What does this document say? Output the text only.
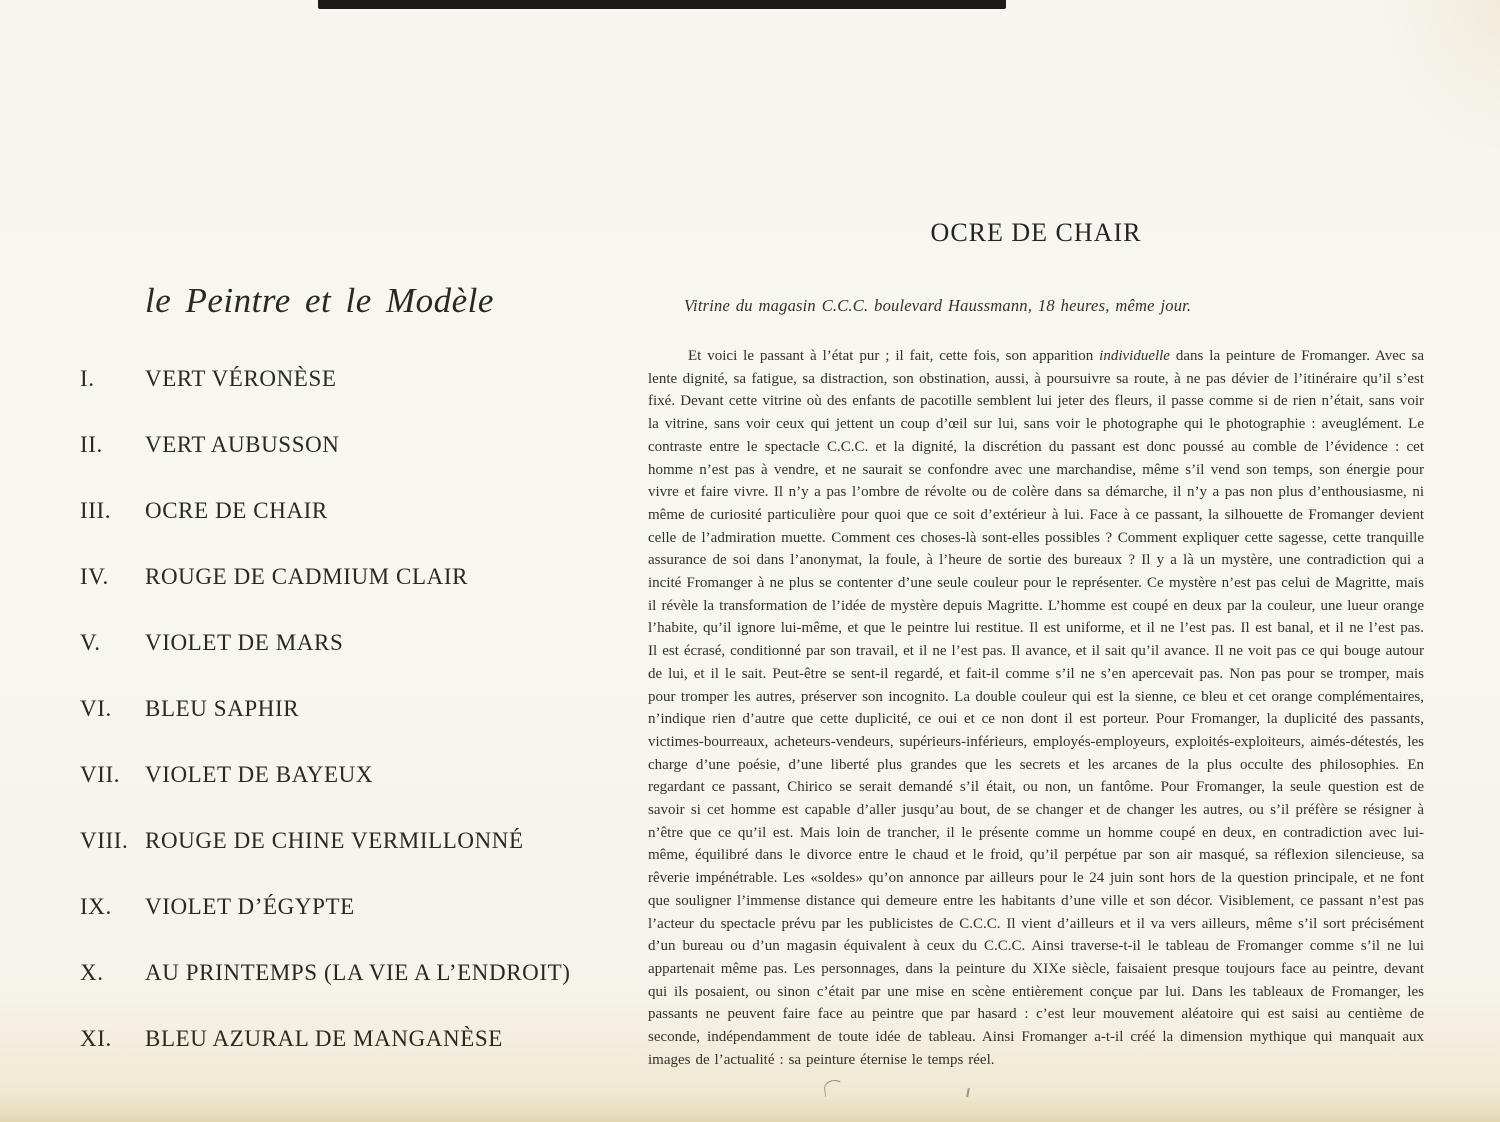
le Peintre et le Modèle
I.	VERT VÉRONÈSE
II.	VERT AUBUSSON
III.	OCRE DE CHAIR
IV.	ROUGE DE CADMIUM CLAIR
V.	VIOLET DE MARS
VI.	BLEU SAPHIR
VII.	VIOLET DE BAYEUX
VIII. ROUGE DE CHINE VERMILLONNÉ
IX.	VIOLET D’ÉGYPTE
X.	AU PRINTEMPS (LA VIE A L’ENDROIT)
XI.	BLEU AZURAL DE MANGANÈSE
OCRE DE CHAIR
Vitrine du magasin C.C.C. boulevard Haussmann, 18 heures, même jour.

Et voici le passant à l’état pur ; il fait, cette fois, son apparition individuelle dans la peinture de Fromanger. Avec sa lente dignité, sa fatigue, sa distraction, son obstination, aussi, à poursuivre sa route, à ne pas dévier de l’itinéraire qu’il s’est fixé. Devant cette vitrine où des enfants de pacotille semblent lui jeter des fleurs, il passe comme si de rien n’était, sans voir la vitrine, sans voir ceux qui jettent un coup d’œil sur lui, sans voir le photographe qui le photographie : aveuglément. Le contraste entre le spectacle C.C.C. et la dignité, la discrétion du passant est donc poussé au comble de l’évidence : cet homme n’est pas à vendre, et ne saurait se confondre avec une marchandise, même s’il vend son temps, son énergie pour vivre et faire vivre. Il n’y a pas l’ombre de révolte ou de colère dans sa démarche, il n’y a pas non plus d’enthousiasme, ni même de curiosité particulière pour quoi que ce soit d’extérieur à lui. Face à ce passant, la silhouette de Fromanger devient celle de l’admiration muette. Comment ces choses-là sont-elles possibles ? Comment expliquer cette sagesse, cette tranquille assurance de soi dans l’anonymat, la foule, à l’heure de sortie des bureaux ? Il y a là un mystère, une contradiction qui a incité Fromanger à ne plus se contenter d’une seule couleur pour le représenter. Ce mystère n’est pas celui de Magritte, mais il révèle la transformation de l’idée de mystère depuis Magritte. L’homme est coupé en deux par la couleur, une lueur orange l’habite, qu’il ignore lui-même, et que le peintre lui restitue. Il est uniforme, et il ne l’est pas. Il est banal, et il ne l’est pas. Il est écrasé, conditionné par son travail, et il ne l’est pas. Il avance, et il sait qu’il avance. Il ne voit pas ce qui bouge autour de lui, et il le sait. Peut-être se sent-il regardé, et fait-il comme s’il ne s’en apercevait pas. Non pas pour se tromper, mais pour tromper les autres, préserver son incognito. La double couleur qui est la sienne, ce bleu et cet orange complémentaires, n’indique rien d’autre que cette duplicité, ce oui et ce non dont il est porteur. Pour Fromanger, la duplicité des passants, victimes-bourreaux, acheteurs-vendeurs, supérieurs-inférieurs, employés-employeurs, exploités-exploiteurs, aimés-détestés, les charge d’une poésie, d’une liberté plus grandes que les secrets et les arcanes de la plus occulte des philosophies. En regardant ce passant, Chirico se serait demandé s’il était, ou non, un fantôme. Pour Fromanger, la seule question est de savoir si cet homme est capable d’aller jusqu’au bout, de se changer et de changer les autres, ou s’il préfère se résigner à n’être que ce qu’il est. Mais loin de trancher, il le présente comme un homme coupé en deux, en contradiction avec lui-même, équilibré dans le divorce entre le chaud et le froid, qu’il perpétue par son air masqué, sa réflexion silencieuse, sa rêverie impénétrable. Les «soldes» qu’on annonce par ailleurs pour le 24 juin sont hors de la question principale, et ne font que souligner l’immense distance qui demeure entre les habitants d’une ville et son décor. Visiblement, ce passant n’est pas l’acteur du spectacle prévu par les publicistes de C.C.C. Il vient d’ailleurs et il va vers ailleurs, même s’il sort précisément d’un bureau ou d’un magasin équivalent à ceux du C.C.C. Ainsi traverse-t-il le tableau de Fromanger comme s’il ne lui appartenait même pas. Les personnages, dans la peinture du XIXe siècle, faisaient presque toujours face au peintre, devant qui ils posaient, ou sinon c’était par une mise en scène entièrement conçue par lui. Dans les tableaux de Fromanger, les passants ne peuvent faire face au peintre que par hasard : c’est leur mouvement aléatoire qui est saisi au centième de seconde, indépendamment de toute idée de tableau. Ainsi Fromanger a-t-il créé la dimension mythique qui manquait aux images de l’actualité : sa peinture éternise le temps réel.
